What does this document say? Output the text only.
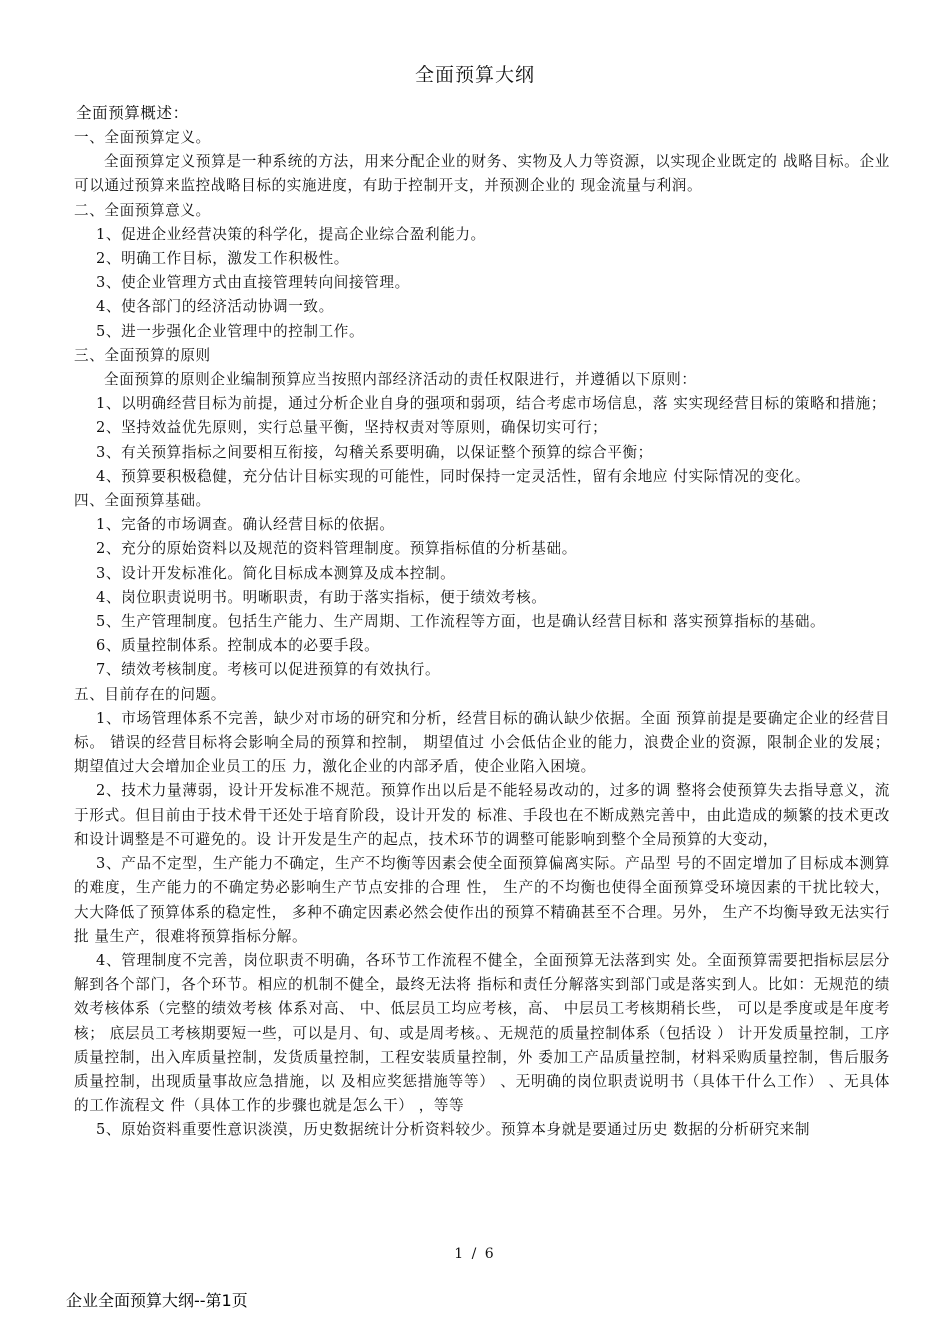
全面预算大纲

全面预算概述：

一、全面预算定义。

全面预算定义预算是一种系统的方法，用来分配企业的财务、实物及人力等资源，以实现企业既定的 战略目标。企业可以通过预算来监控战略目标的实施进度，有助于控制开支，并预测企业的 现金流量与利润。

二、全面预算意义。

1、促进企业经营决策的科学化，提高企业综合盈利能力。

2、明确工作目标，激发工作积极性。

3、使企业管理方式由直接管理转向间接管理。

4、使各部门的经济活动协调一致。

5、进一步强化企业管理中的控制工作。

三、全面预算的原则

全面预算的原则企业编制预算应当按照内部经济活动的责任权限进行，并遵循以下原则：

1、以明确经营目标为前提，通过分析企业自身的强项和弱项，结合考虑市场信息，落 实实现经营目标的策略和措施；

2、坚持效益优先原则，实行总量平衡，坚持权责对等原则，确保切实可行；

3、有关预算指标之间要相互衔接，勾稽关系要明确，以保证整个预算的综合平衡；

4、预算要积极稳健，充分估计目标实现的可能性，同时保持一定灵活性，留有余地应 付实际情况的变化。

四、全面预算基础。

1、完备的市场调查。确认经营目标的依据。

2、充分的原始资料以及规范的资料管理制度。预算指标值的分析基础。

3、设计开发标准化。简化目标成本测算及成本控制。

4、岗位职责说明书。明晰职责，有助于落实指标，便于绩效考核。

5、生产管理制度。包括生产能力、生产周期、工作流程等方面，也是确认经营目标和 落实预算指标的基础。

6、质量控制体系。控制成本的必要手段。

7、绩效考核制度。考核可以促进预算的有效执行。

五、目前存在的问题。

1、市场管理体系不完善，缺少对市场的研究和分析，经营目标的确认缺少依据。全面 预算前提是要确定企业的经营目标。 错误的经营目标将会影响全局的预算和控制， 期望值过 小会低估企业的能力，浪费企业的资源，限制企业的发展；期望值过大会增加企业员工的压 力，激化企业的内部矛盾，使企业陷入困境。

2、技术力量薄弱，设计开发标准不规范。预算作出以后是不能轻易改动的，过多的调 整将会使预算失去指导意义，流于形式。但目前由于技术骨干还处于培育阶段，设计开发的 标准、手段也在不断成熟完善中，由此造成的频繁的技术更改和设计调整是不可避免的。设 计开发是生产的起点，技术环节的调整可能影响到整个全局预算的大变动，

3、产品不定型，生产能力不确定，生产不均衡等因素会使全面预算偏离实际。产品型 号的不固定增加了目标成本测算的难度，生产能力的不确定势必影响生产节点安排的合理 性， 生产的不均衡也使得全面预算受环境因素的干扰比较大， 大大降低了预算体系的稳定性， 多种不确定因素必然会使作出的预算不精确甚至不合理。另外， 生产不均衡导致无法实行批 量生产，很难将预算指标分解。

4、管理制度不完善，岗位职责不明确，各环节工作流程不健全，全面预算无法落到实 处。全面预算需要把指标层层分解到各个部门，各个环节。相应的机制不健全，最终无法将 指标和责任分解落实到部门或是落实到人。比如：无规范的绩效考核体系（完整的绩效考核 体系对高、 中、低层员工均应考核，高、 中层员工考核期稍长些， 可以是季度或是年度考核； 底层员工考核期要短一些，可以是月、旬、或是周考核。、无规范的质量控制体系（包括设 ） 计开发质量控制，工序质量控制，出入库质量控制，发货质量控制，工程安装质量控制，外 委加工产品质量控制，材料采购质量控制，售后服务质量控制，出现质量事故应急措施，以 及相应奖惩措施等等） 、无明确的岗位职责说明书（具体干什么工作） 、无具体的工作流程文 件（具体工作的步骤也就是怎么干） ，等等

5、原始资料重要性意识淡漠，历史数据统计分析资料较少。预算本身就是要通过历史 数据的分析研究来制

1 / 6
企业全面预算大纲--第1页
